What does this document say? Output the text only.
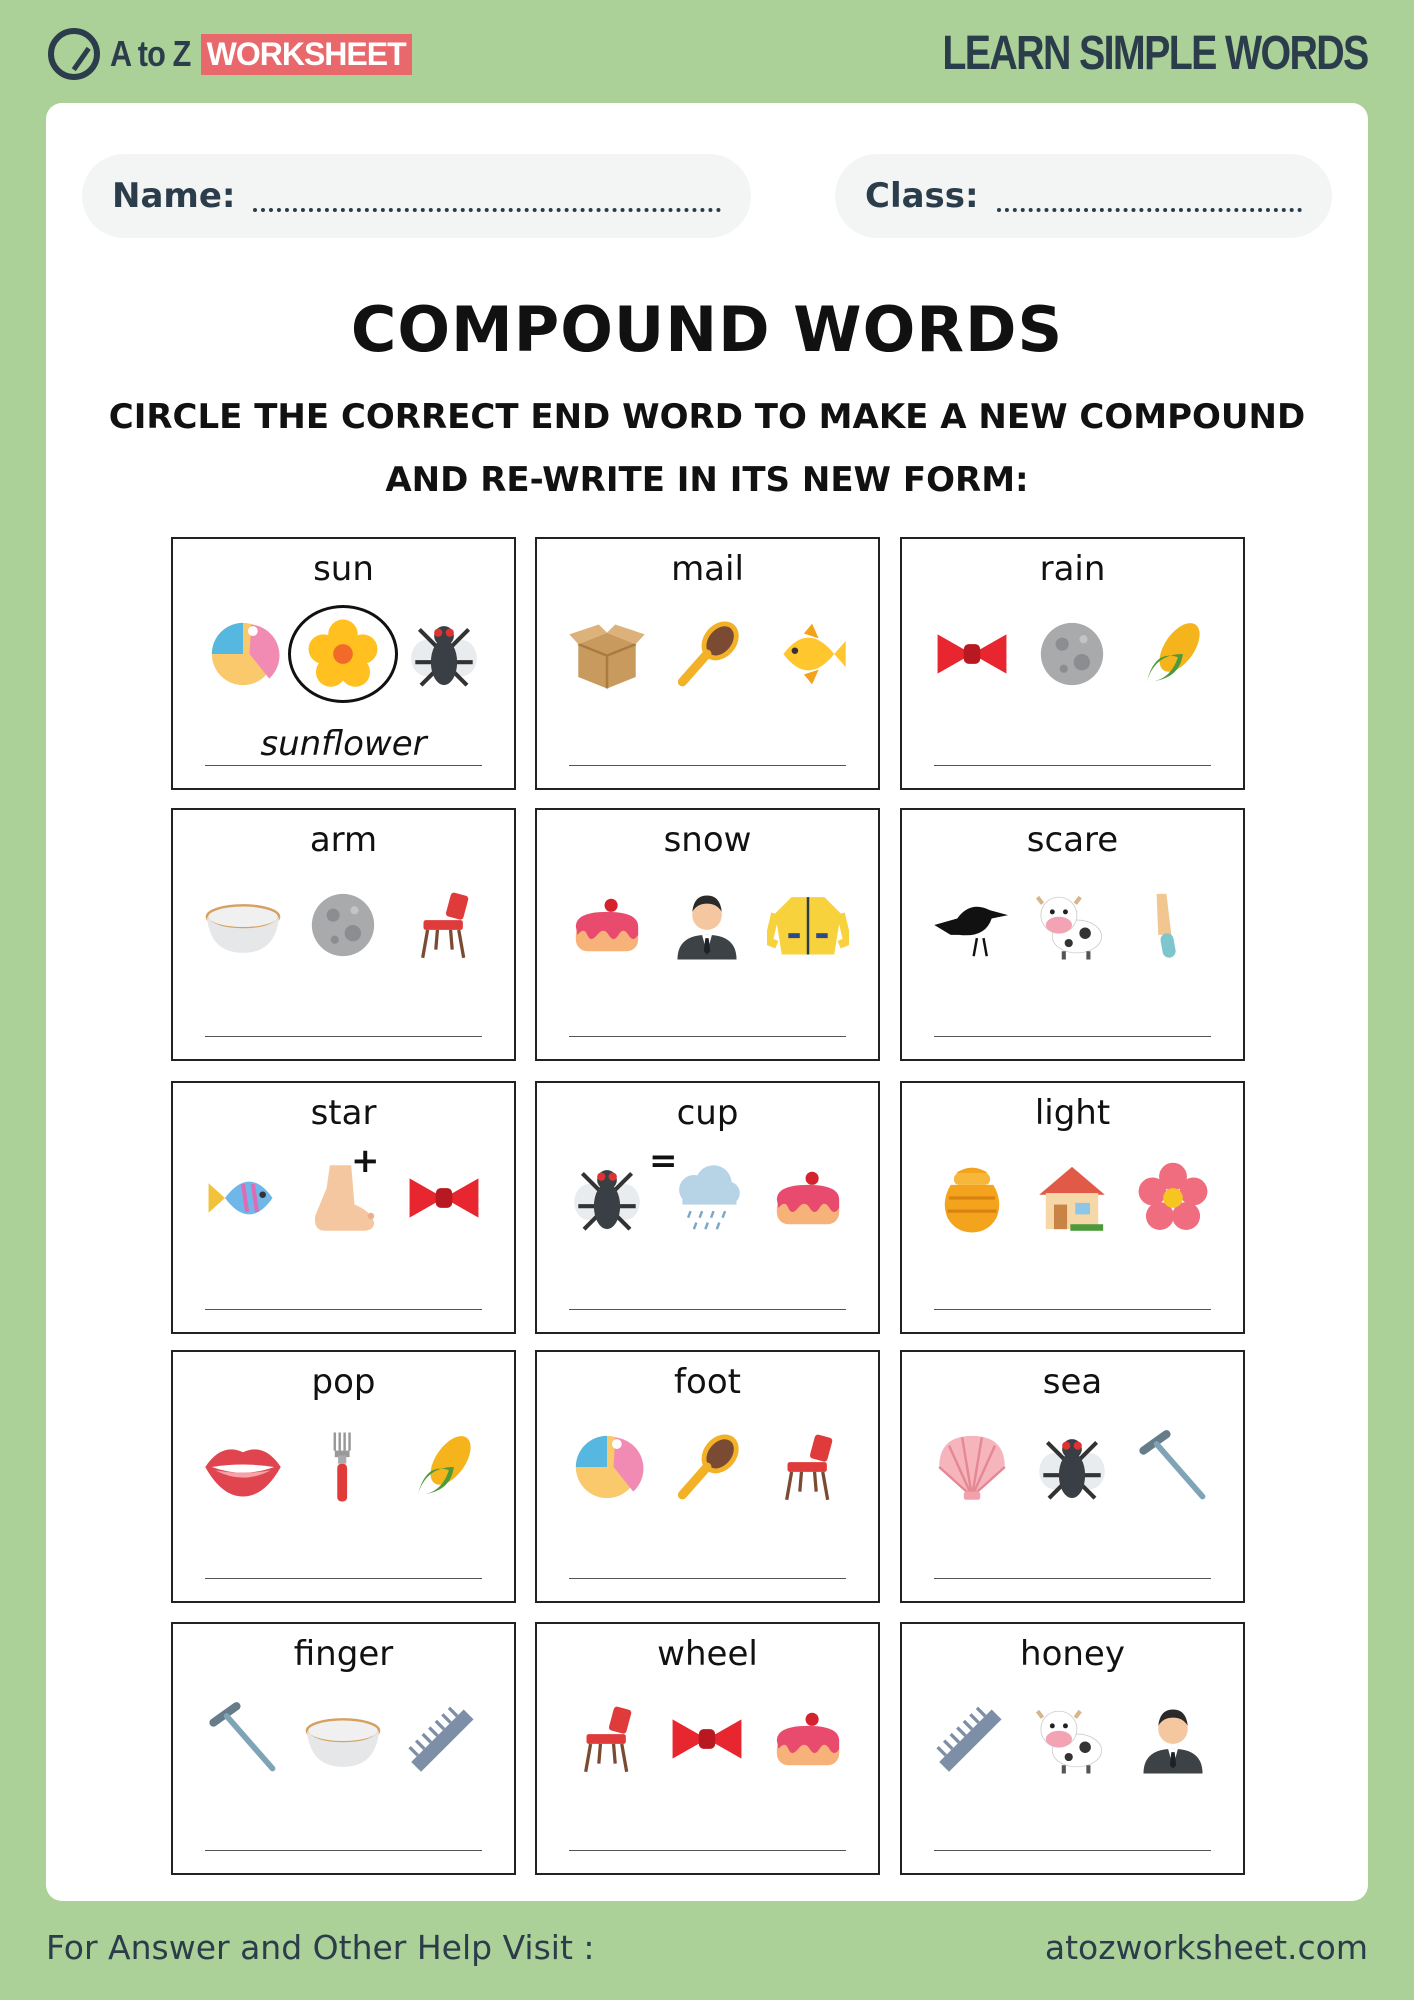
A to Z WORKSHEET	LEARN SIMPLE WORDS
Name:	Class:
COMPOUND WORDS
CIRCLE THE CORRECT END WORD TO MAKE A NEW COMPOUND
AND RE-WRITE IN ITS NEW FORM:
sun
sunflower
mail	rain
arm	snow	scare
star
+
cup
=
light
pop	foot	sea
finger	wheel	honey
For Answer and Other Help Visit :	atozworksheet.com
